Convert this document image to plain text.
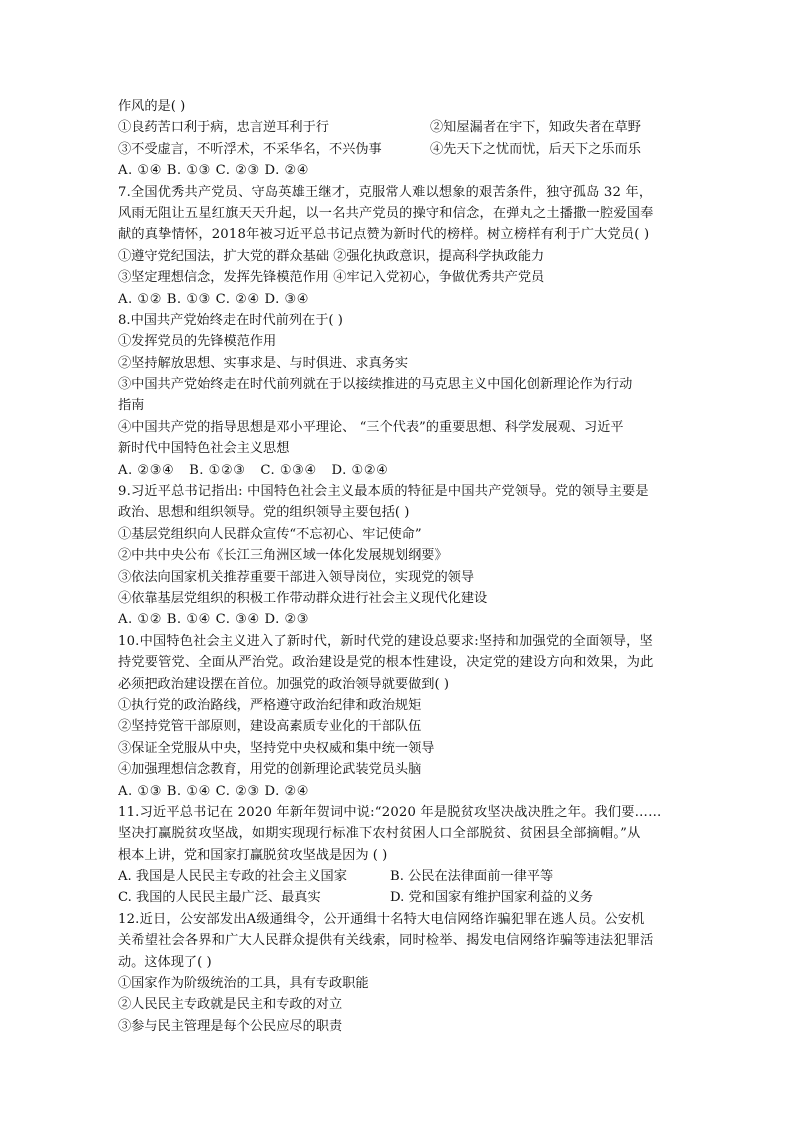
作风的是( )
①良药苦口利于病，忠言逆耳利于行	②知屋漏者在宇下，知政失者在草野
③不受虚言，不听浮术，不采华名，不兴伪事	④先天下之忧而忧，后天下之乐而乐
A. ①④ B. ①③ C. ②③ D. ②④
7.全国优秀共产党员、守岛英雄王继才，克服常人难以想象的艰苦条件，独守孤岛 32 年，
风雨无阻让五星红旗天天升起，以一名共产党员的操守和信念，在弹丸之土播撒一腔爱国奉
献的真挚情怀，2018年被习近平总书记点赞为新时代的榜样。树立榜样有利于广大党员( )
①遵守党纪国法，扩大党的群众基础 ②强化执政意识，提高科学执政能力
③坚定理想信念，发挥先锋模范作用 ④牢记入党初心，争做优秀共产党员
A. ①② B. ①③ C. ②④ D. ③④
8.中国共产党始终走在时代前列在于( )
①发挥党员的先锋模范作用
②坚持解放思想、实事求是、与时俱进、求真务实
③中国共产党始终走在时代前列就在于以接续推进的马克思主义中国化创新理论作为行动
指南
④中国共产党的指导思想是邓小平理论、 “三个代表”的重要思想、科学发展观、习近平
新时代中国特色社会主义思想
A. ②③④ B. ①②③ C. ①③④ D. ①②④
9.习近平总书记指出: 中国特色社会主义最本质的特征是中国共产党领导。党的领导主要是
政治、思想和组织领导。党的组织领导主要包括( )
①基层党组织向人民群众宣传“不忘初心、牢记使命”
②中共中央公布《长江三角洲区域一体化发展规划纲要》
③依法向国家机关推荐重要干部进入领导岗位，实现党的领导
④依靠基层党组织的积极工作带动群众进行社会主义现代化建设
A. ①② B. ①④ C. ③④ D. ②③
10.中国特色社会主义进入了新时代，新时代党的建设总要求:坚持和加强党的全面领导，坚
持党要管党、全面从严治党。政治建设是党的根本性建设，决定党的建设方向和效果，为此
必须把政治建设摆在首位。加强党的政治领导就要做到( )
①执行党的政治路线，严格遵守政治纪律和政治规矩
②坚持党管干部原则，建设高素质专业化的干部队伍
③保证全党服从中央，坚持党中央权威和集中统一领导
④加强理想信念教育，用党的创新理论武装党员头脑
A. ①③ B. ①④ C. ②③ D. ②④
11.习近平总书记在 2020 年新年贺词中说:“2020 年是脱贫攻坚决战决胜之年。我们要……
坚决打赢脱贫攻坚战，如期实现现行标准下农村贫困人口全部脱贫、贫困县全部摘帽。”从
根本上讲，党和国家打赢脱贫攻坚战是因为 ( )
A. 我国是人民民主专政的社会主义国家	B. 公民在法律面前一律平等
C. 我国的人民民主最广泛、最真实	D. 党和国家有维护国家利益的义务
12.近日，公安部发出A级通缉令，公开通缉十名特大电信网络诈骗犯罪在逃人员。公安机
关希望社会各界和广大人民群众提供有关线索，同时检举、揭发电信网络诈骗等违法犯罪活
动。这体现了( )
①国家作为阶级统治的工具，具有专政职能
②人民民主专政就是民主和专政的对立
③参与民主管理是每个公民应尽的职责
